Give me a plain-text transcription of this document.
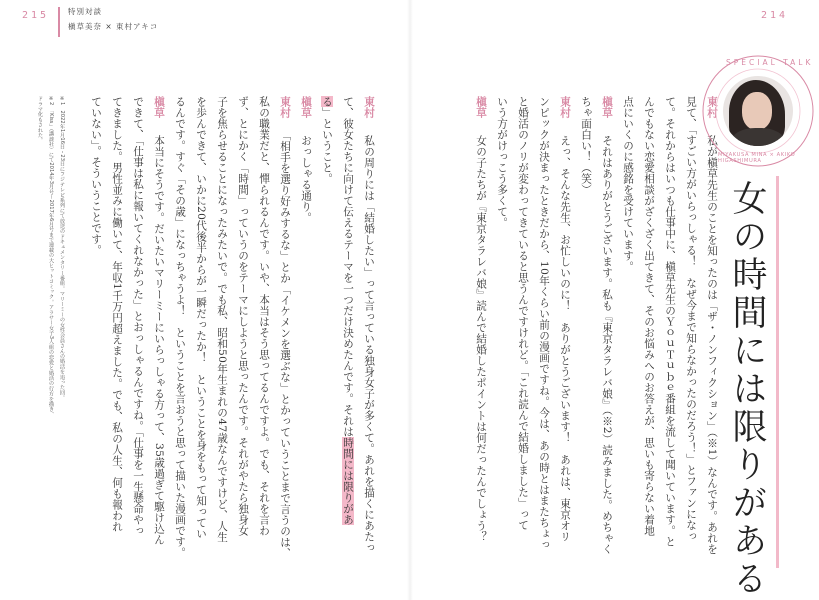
215	214
特別対談
槇草美奈 × 東村アキコ
東村　私が槇草先生のことを知ったのは「ザ・ノンフィクション」（※1）なんです。あれを
見て、「すごい方がいらっしゃる！　なぜ今まで知らなかったのだろう！」とファンになっ
て。それからはいつも仕事中に、槇草先生のＹｏｕＴｕｂｅ番組を流して聞いています。と
んでもない恋愛相談がざくざく出てきて、そのお悩みへのお答えが、思いも寄らない着地
点にいくのに感銘を受けています。
槇草　それはありがとうございます。私も『東京タラレバ娘』（※2）読みました。めちゃく
ちゃ面白い！（笑）
東村　えっ、そんな先生、お忙しいのに！　ありがとうございます！　あれは、東京オリ
ンピックが決まったときだから、10年くらい前の漫画ですね。今は、あの時とはまたちょっ
と婚活のノリが変わってきていると思うんですけれど。「これ読んで結婚しました」って
いう方がけっこう多くて。
槇草　女の子たちが『東京タラレバ娘』読んで結婚したポイントは何だったんでしょう？	女の時間には限りがある
SPECIAL TALK
MIYAKUSA MINA × AKIKO HIGASHIMURA
東村　私の周りには「結婚したい」って言っている独身女子が多くて。あれを描くにあたっ
て、彼女たちに向けて伝えるテーマを一つだけ決めたんです。それは時間には限りがあ
る」ということ。
槇草　おっしゃる通り。
東村　「相手を選り好みするな」とか「イケメンを選ぶな」とかっていうことまで言うのは、
私の職業だと、憚られるんです。いや、本当はそう思ってるんですよ。でも、それを言わ
ず、とにかく「時間」っていうのをテーマにしようと思ったんです。それがやたら独身女
子を焦らせることになったみたいで。でも私、昭和50年生まれの47歳なんですけど、人生
を歩んできて、いかに20代後半からが一瞬だったか！　ということを身をもって知ってい
るんです。すぐ「その歳」になっちゃうよ！　ということを言おうと思って描いた漫画です。
槇草　本当にそうです。だいたいマリーミーにいらっしゃる方って、35歳過ぎて駆け込ん
できて、「仕事は私に報いてくれなかった」とおっしゃるんですね。「仕事を一生懸命やっ
てきました。男性並みに働いて、年収1千万円超えました。でも、私の人生、何も報われ
ていない」。そういうことです。
※1　2022年1月16日・23日にフジテレビ系列にて放送のドキュメンタリー番組。マリーミーの女性会員さんの婚活を追った回。
※2　「Kiss」（講談社）にて2014年3月号〜2017年6月号まで連載の大ヒットコミック。アラサー女子3人組の恋愛と婚活の行方を描き、
ドラマ化もされた。
